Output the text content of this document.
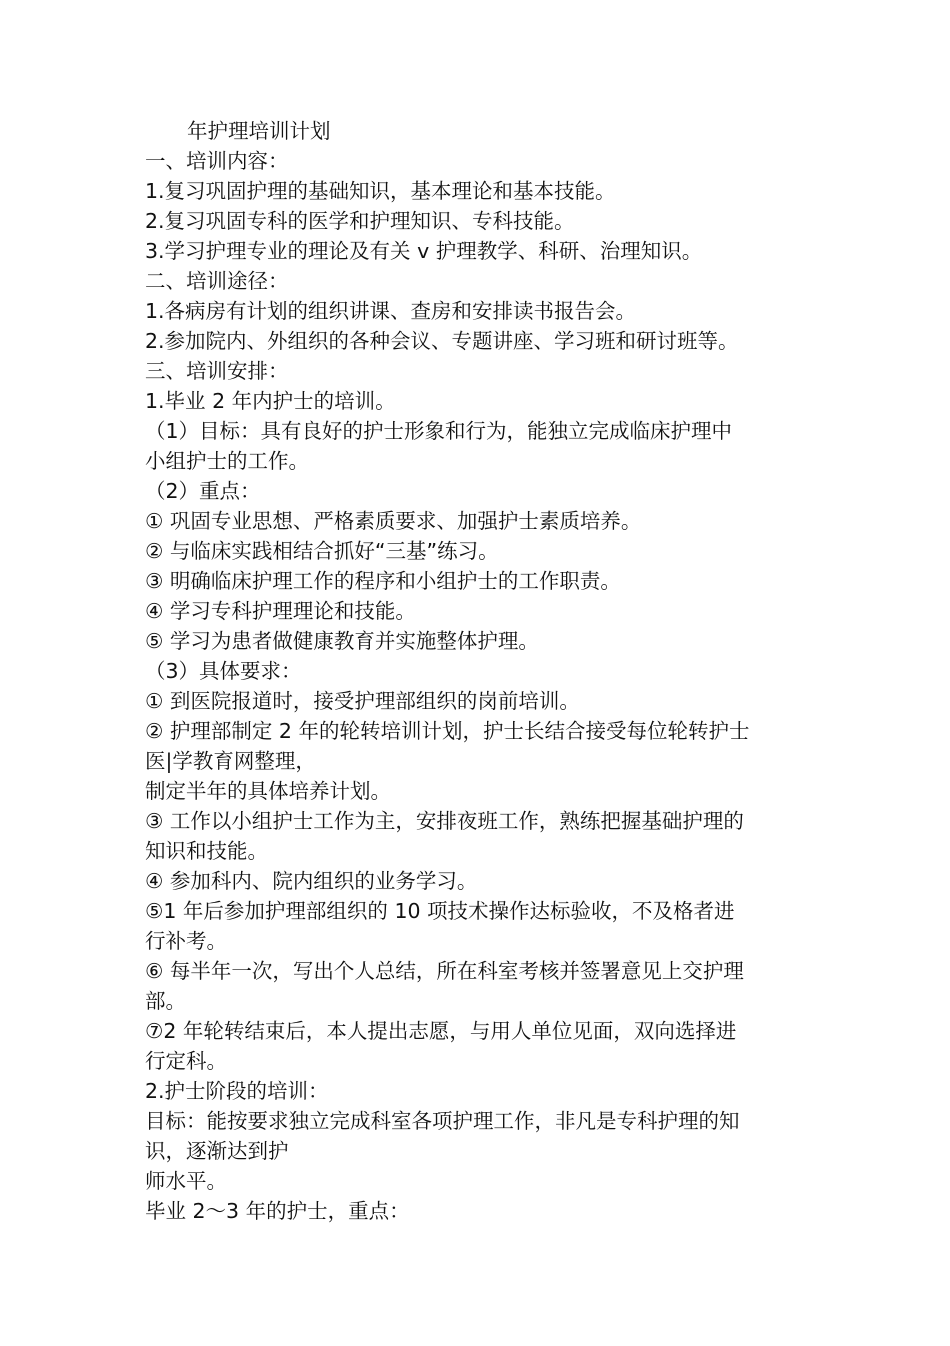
年护理培训计划
一、培训内容：
1.复习巩固护理的基础知识，基本理论和基本技能。
2.复习巩固专科的医学和护理知识、专科技能。
3.学习护理专业的理论及有关 v 护理教学、科研、治理知识。
二、培训途径：
1.各病房有计划的组织讲课、查房和安排读书报告会。
2.参加院内、外组织的各种会议、专题讲座、学习班和研讨班等。
三、培训安排：
1.毕业 2 年内护士的培训。
（1）目标：具有良好的护士形象和行为，能独立完成临床护理中
小组护士的工作。
（2）重点：
① 巩固专业思想、严格素质要求、加强护士素质培养。
② 与临床实践相结合抓好“三基”练习。
③ 明确临床护理工作的程序和小组护士的工作职责。
④ 学习专科护理理论和技能。
⑤ 学习为患者做健康教育并实施整体护理。
（3）具体要求：
① 到医院报道时，接受护理部组织的岗前培训。
② 护理部制定 2 年的轮转培训计划，护士长结合接受每位轮转护士
医|学教育网整理，
制定半年的具体培养计划。
③ 工作以小组护士工作为主，安排夜班工作，熟练把握基础护理的
知识和技能。
④ 参加科内、院内组织的业务学习。
⑤1 年后参加护理部组织的 10 项技术操作达标验收，不及格者进
行补考。
⑥ 每半年一次，写出个人总结，所在科室考核并签署意见上交护理
部。
⑦2 年轮转结束后，本人提出志愿，与用人单位见面，双向选择进
行定科。
2.护士阶段的培训：
目标：能按要求独立完成科室各项护理工作，非凡是专科护理的知
识，逐渐达到护
师水平。
毕业 2～3 年的护士，重点：
